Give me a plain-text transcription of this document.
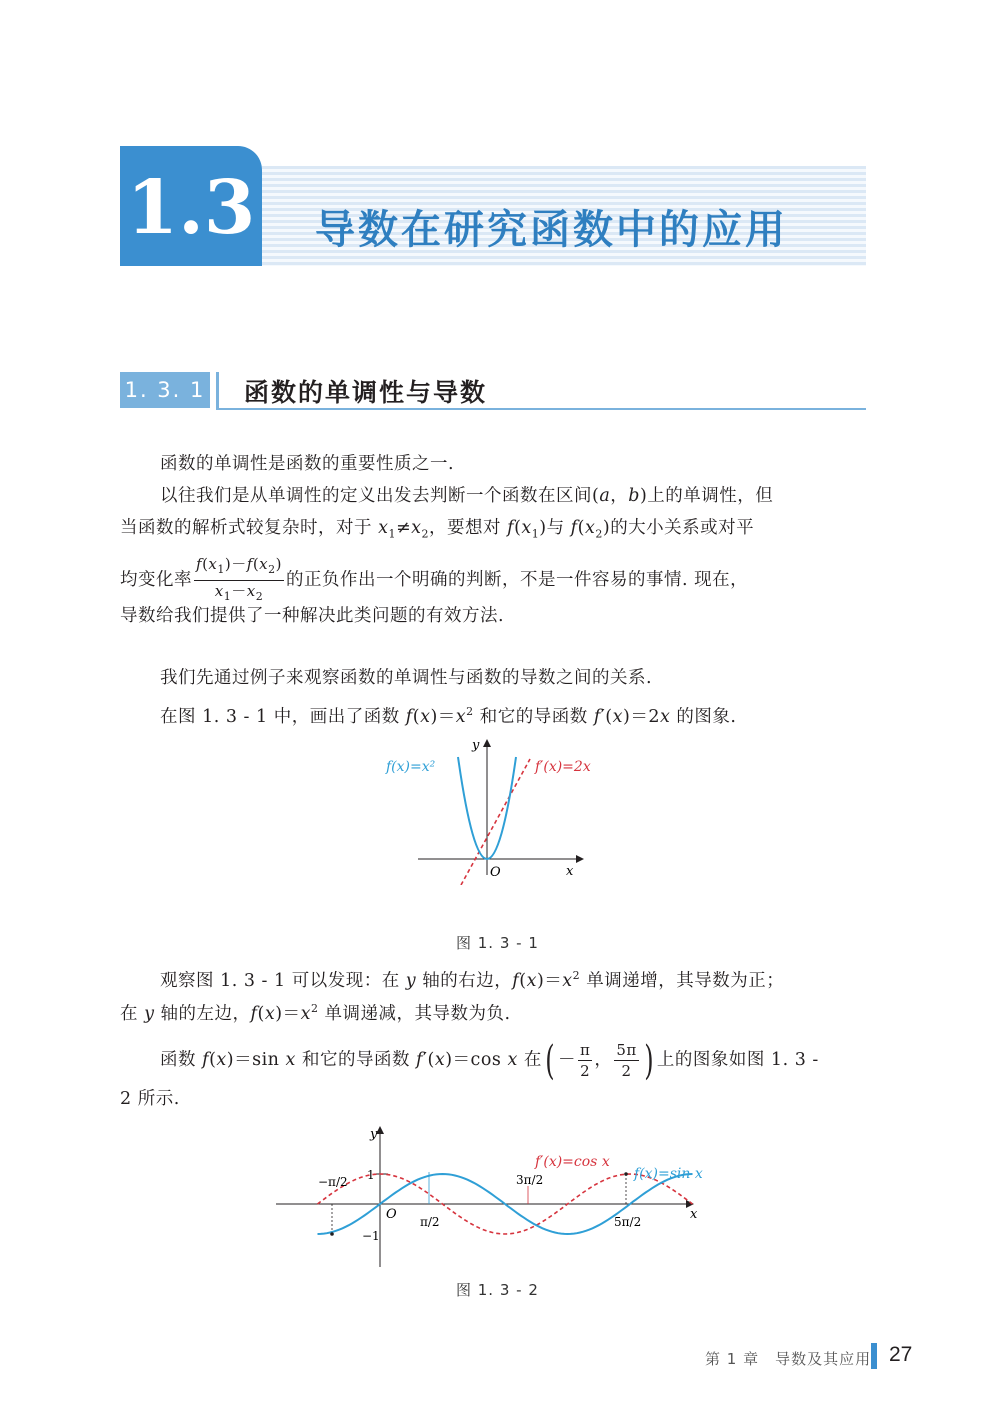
1.3 导数在研究函数中的应用
1. 3. 1 函数的单调性与导数
函数的单调性是函数的重要性质之一.
以往我们是从单调性的定义出发去判断一个函数在区间(a，b)上的单调性，但
当函数的解析式较复杂时，对于 $x_1\ne x_2$，要想对 $f(x_1)$与 $f(x_2)$的大小关系或对平
均变化率 $\frac{f(x_1)-f(x_2)}{x_1-x_2}$ 的正负作出一个明确的判断，不是一件容易的事情. 现在，
导数给我们提供了一种解决此类问题的有效方法.
我们先通过例子来观察函数的单调性与函数的导数之间的关系.
在图 1. 3 - 1 中，画出了函数 $f(x)=x^2$ 和它的导函数 f′(x)＝2x 的图象.
f(x)=x²	f′(x)=2x
y
x
O
图 1. 3 - 1
观察图 1. 3 - 1 可以发现：在 y 轴的右边，$f(x)=x^2$ 单调递增，其导数为正；
在 y 轴的左边，$f(x)=x^2$ 单调递减，其导数为负.
函数 f(x)＝sin x 和它的导函数 f′(x)＝cos x 在( － $\frac{\pi}{2}$ ， $\frac{5\pi}{2}$ ) 上的图象如图 1. 3 -
2 所示.
y
x
O
1
−1
−π/2
π/2
3π/2
5π/2
f(x)=sin x
f′(x)=cos x
图 1. 3 - 2
第 1 章　导数及其应用 27
